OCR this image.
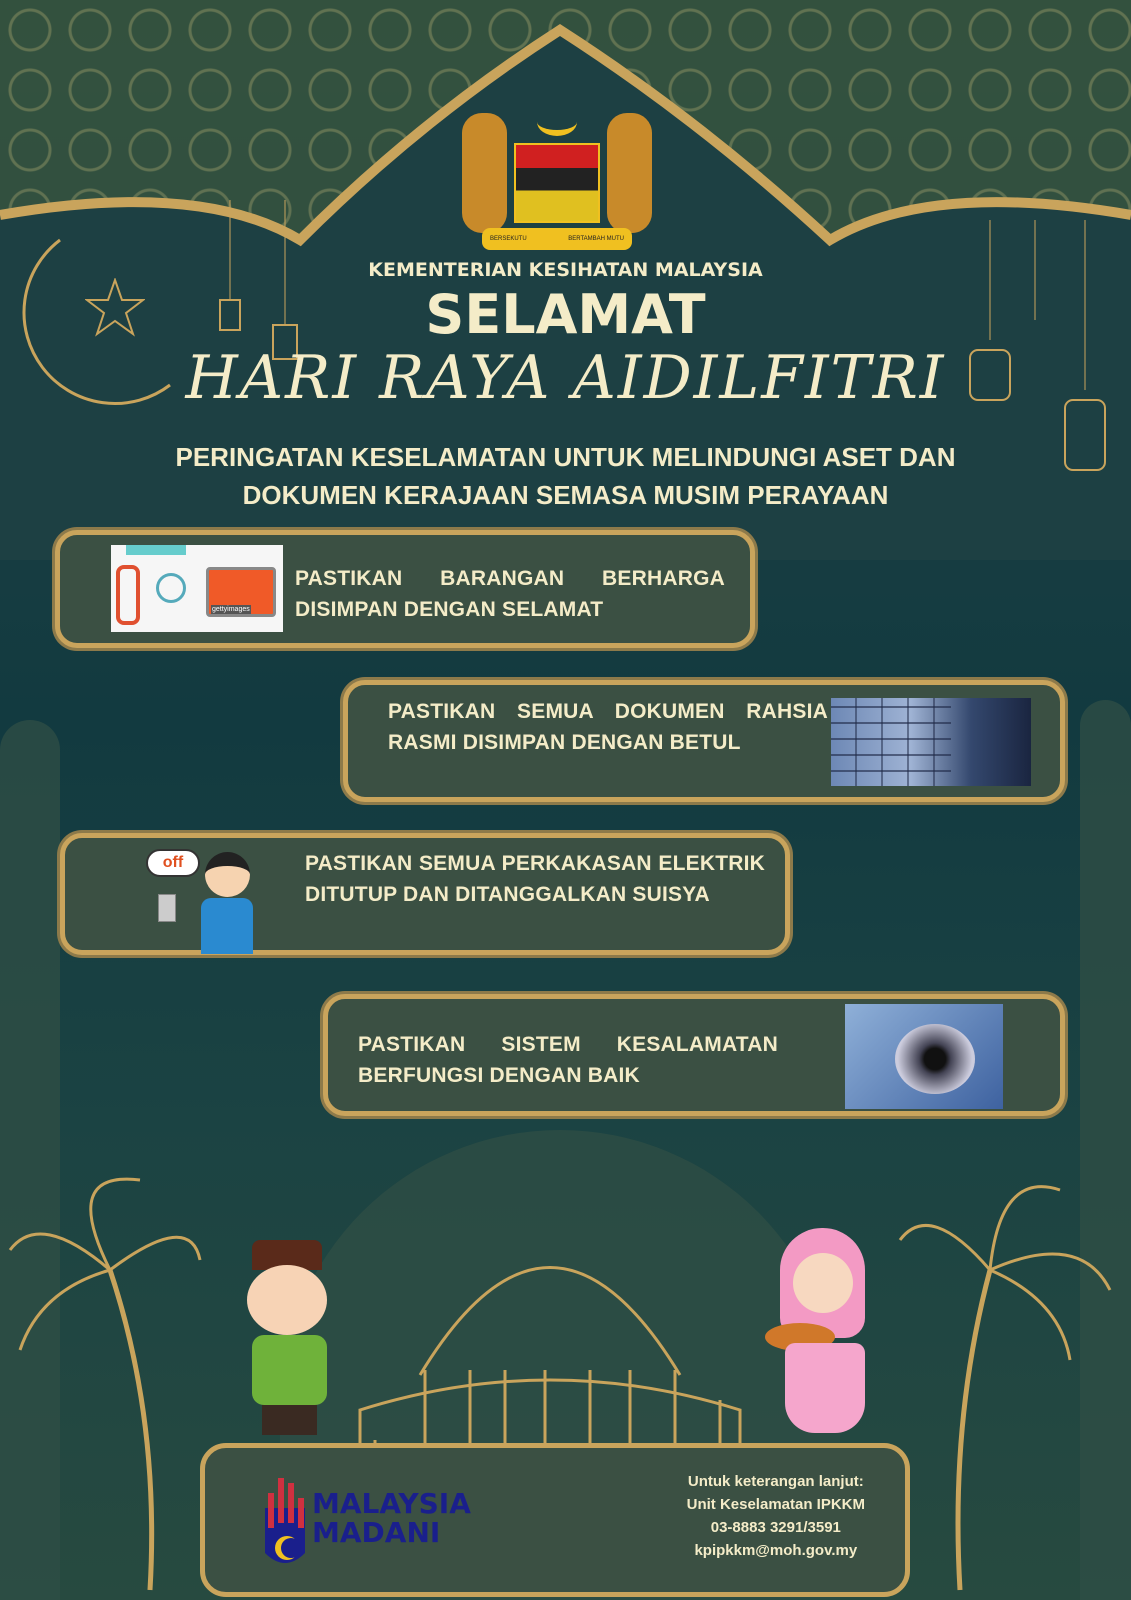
BERSEKUTU	BERTAMBAH MUTU
KEMENTERIAN KESIHATAN MALAYSIA
SELAMAT
HARI RAYA AIDILFITRI
PERINGATAN KESELAMATAN UNTUK MELINDUNGI ASET DAN
DOKUMEN KERAJAAN SEMASA MUSIM PERAYAAN
gettyimages
PASTIKAN BARANGAN BERHARGA DISIMPAN DENGAN SELAMAT
PASTIKAN SEMUA DOKUMEN RAHSIA RASMI DISIMPAN DENGAN BETUL
off	PASTIKAN SEMUA PERKAKASAN ELEKTRIK DITUTUP DAN DITANGGALKAN SUISYA
PASTIKAN SISTEM KESALAMATAN BERFUNGSI DENGAN BAIK
MALAYSIA
MADANI
Untuk keterangan lanjut:
Unit Keselamatan IPKKM
03-8883 3291/3591
kpipkkm@moh.gov.my
